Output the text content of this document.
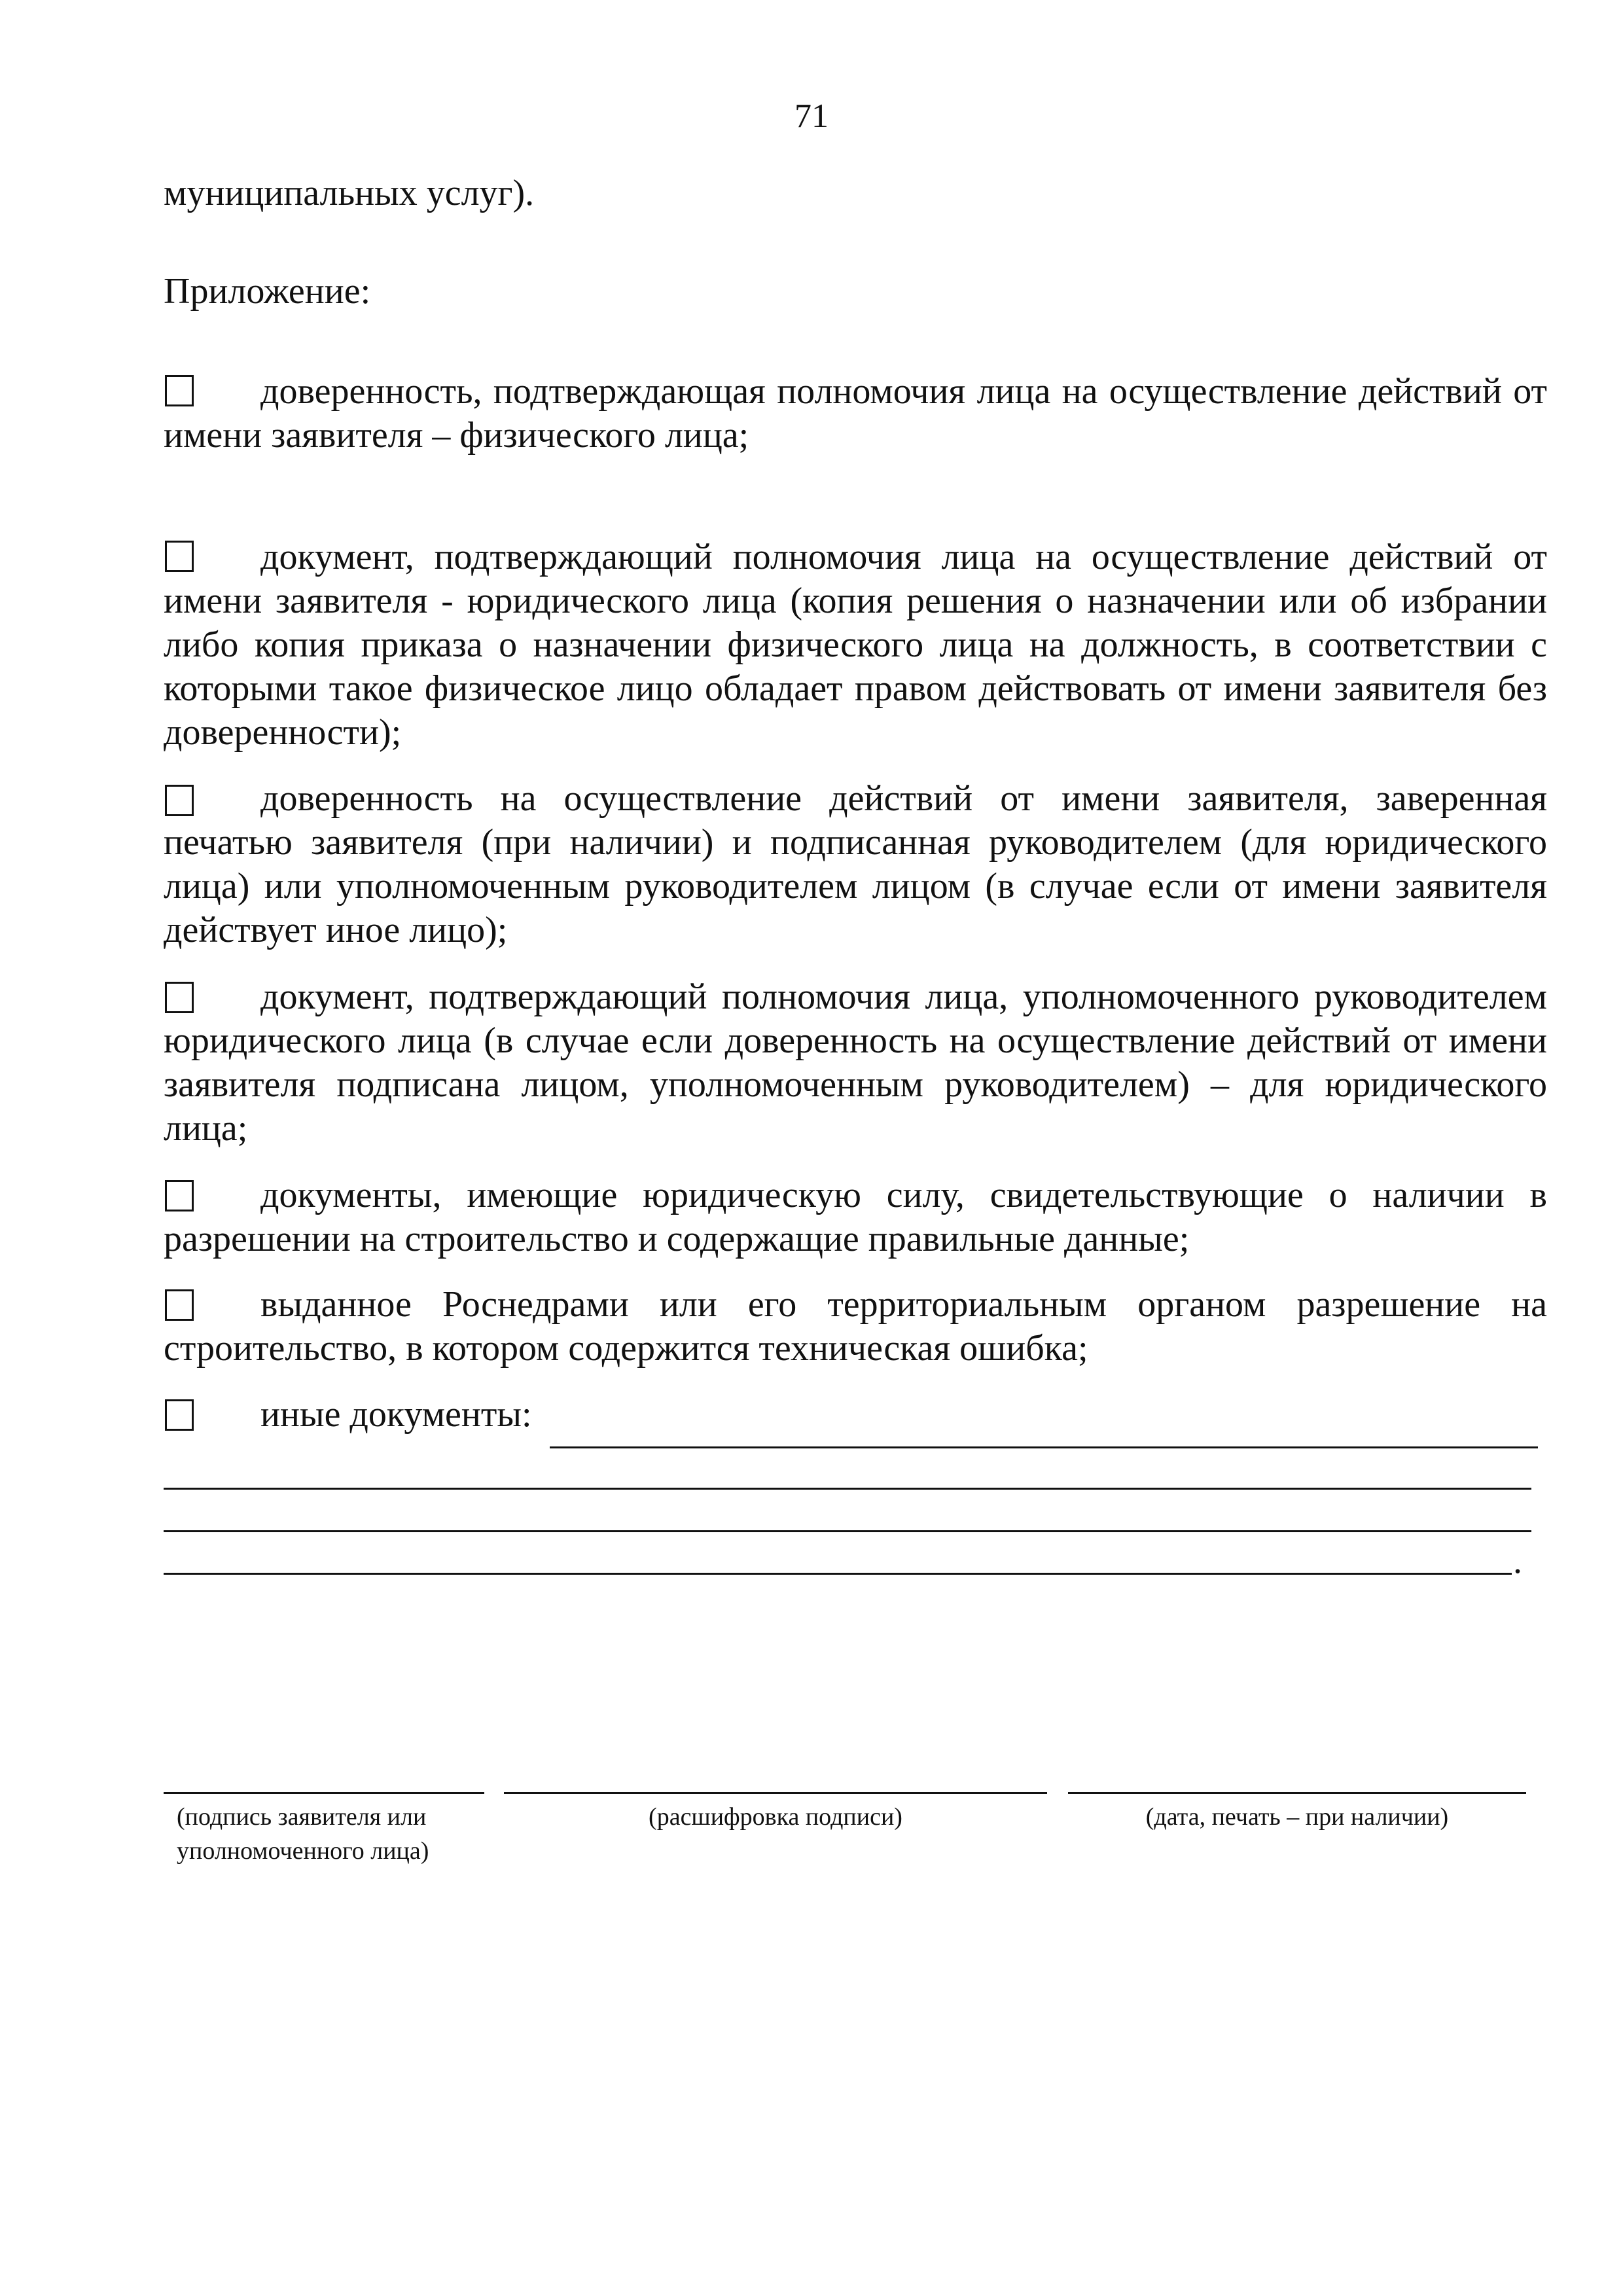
71
муниципальных услуг).
Приложение:
доверенность, подтверждающая полномочия лица на осуществление действий от имени заявителя – физического лица;
документ, подтверждающий полномочия лица на осуществление действий от имени заявителя - юридического лица (копия решения о назначении или об избрании либо копия приказа о назначении физического лица на должность, в соответствии с которыми такое физическое лицо обладает правом действовать от имени заявителя без доверенности);
доверенность на осуществление действий от имени заявителя, заверенная печатью заявителя (при наличии) и подписанная руководителем (для юридического лица) или уполномоченным руководителем лицом (в случае если от имени заявителя действует иное лицо);
документ, подтверждающий полномочия лица, уполномоченного руководителем юридического лица (в случае если доверенность на осуществление действий от имени заявителя подписана лицом, уполномоченным руководителем) – для юридического лица;
документы, имеющие юридическую силу, свидетельствующие о наличии в разрешении на строительство и содержащие правильные данные;
выданное Роснедрами или его территориальным органом разрешение на строительство, в котором содержится техническая ошибка;
иные документы:
.
(подпись заявителя или
уполномоченного лица)
(расшифровка подписи)	(дата, печать – при наличии)
